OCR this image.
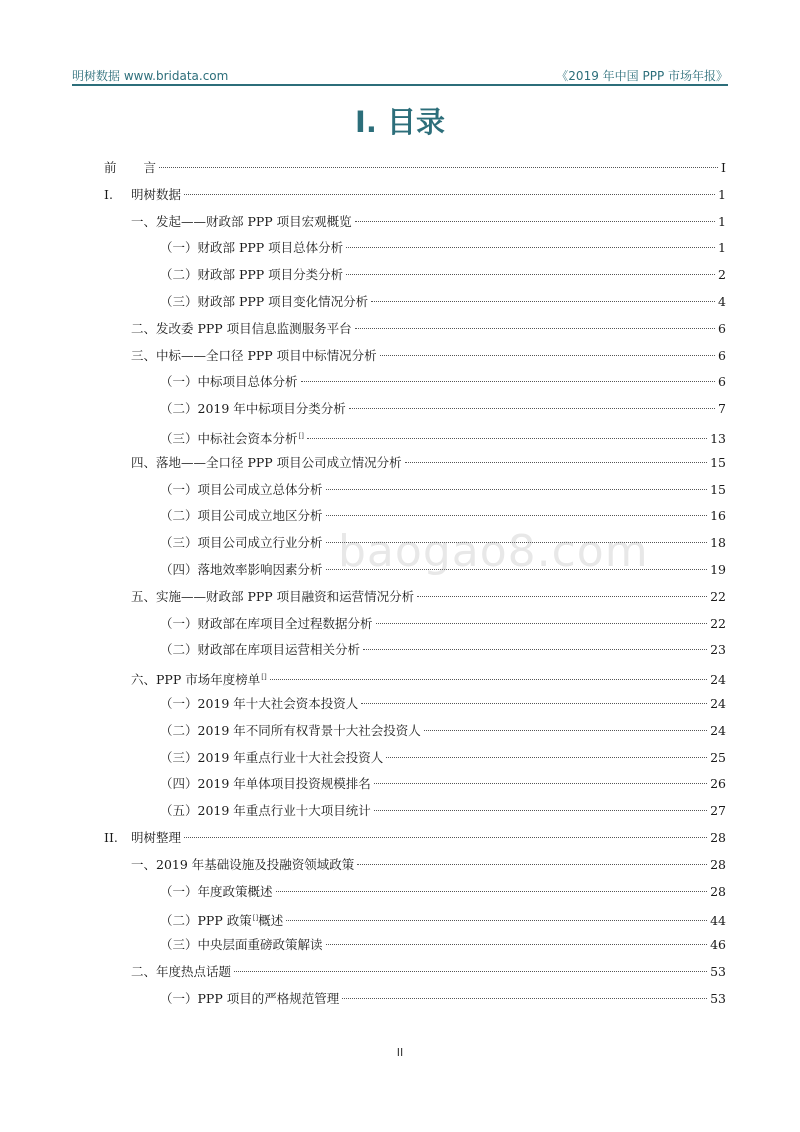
明树数据 www.bridata.com	《2019 年中国 PPP 市场年报》
I. 目录
前　言	I
I. 明树数据	1
一、发起——财政部 PPP 项目宏观概览	1
（一）财政部 PPP 项目总体分析	1
（二）财政部 PPP 项目分类分析	2
（三）财政部 PPP 项目变化情况分析	4
二、发改委 PPP 项目信息监测服务平台	6
三、中标——全口径 PPP 项目中标情况分析	6
（一）中标项目总体分析	6
（二）2019 年中标项目分类分析	7
（三）中标社会资本分析[]	13
四、落地——全口径 PPP 项目公司成立情况分析	15
（一）项目公司成立总体分析	15
（二）项目公司成立地区分析	16
（三）项目公司成立行业分析	18
（四）落地效率影响因素分析	19
五、实施——财政部 PPP 项目融资和运营情况分析	22
（一）财政部在库项目全过程数据分析	22
（二）财政部在库项目运营相关分析	23
六、PPP 市场年度榜单[]	24
（一）2019 年十大社会资本投资人	24
（二）2019 年不同所有权背景十大社会投资人	24
（三）2019 年重点行业十大社会投资人	25
（四）2019 年单体项目投资规模排名	26
（五）2019 年重点行业十大项目统计	27
II. 明树整理	28
一、2019 年基础设施及投融资领域政策	28
（一）年度政策概述	28
（二）PPP 政策[]概述	44
（三）中央层面重磅政策解读	46
二、年度热点话题	53
（一）PPP 项目的严格规范管理	53
baogao8.com
II
